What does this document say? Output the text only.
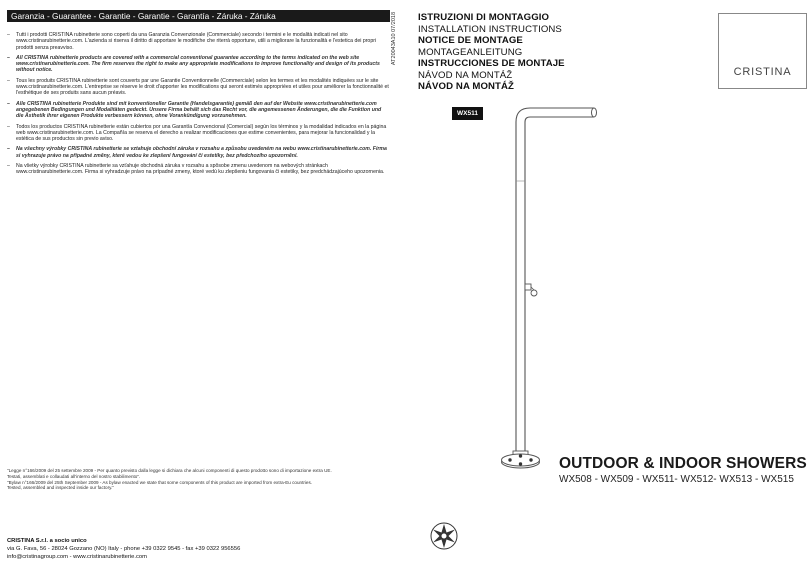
Garanzia - Guarantee - Garantie - Garantie - Garantía - Záruka - Záruka

– Tutti i prodotti CRISTINA rubinetterie sono coperti da una Garanzia Convenzionale (Commerciale) secondo i termini e le modalità indicati nel sito www.cristinarubinetterie.com. L'azienda si riserva il diritto di apportare le modifiche che riterrà opportune, utili a migliorare la funzionalità e l'estetica dei propri prodotti senza preavviso.

– All CRISTINA rubinetterie products are covered with a commercial conventional guarantee according to the terms indicated on the web site www.cristinarubinetterie.com. The firm reserves the right to make any appropriate modifications to improve functionality and design of its products without notice.

– Tous les produits CRISTINA rubinetterie sont couverts par une Garantie Conventionnelle (Commerciale) selon les termes et les modalités indiquées sur le site www.cristinarubinetterie.com. L'entreprise se réserve le droit d'apporter les modifications qui seront estimés appropriées et utiles pour améliorer la fonctionnalité et l'esthétique de ses produits sans aucun préavis.

– Alle CRISTINA rubinetterie Produkte sind mit konventioneller Garantie (Handelsgarantie) gemäß den auf der Website www.cristinarubinetterie.com angegebenen Bedingungen und Modalitäten gedeckt. Unsere Firma behält sich das Recht vor, die angemessenen Änderungen, die die Funktion und die Ästhetik ihrer eigenen Produkte verbessern können, ohne Vorankündigung vorzunehmen.

– Todos los productos CRISTINA rubinetterie están cubiertos por una Garantía Convencional (Comercial) según los términos y la modalidad indicados en la página web www.cristinarubinetterie.com. La Compañía se reserva el derecho a realizar modificaciones que estime convenientes, para mejorar la funcionalidad y la estética de sus productos sin previo aviso.

– Na všechny výrobky CRISTINA rubinetterie se vztahuje obchodní záruka v rozsahu a způsobu uvedeném na webu www.cristinarubinetterie.com. Firma si vyhrazuje právo na případné změny, které vedou ke zlepšení fungování či estetiky, bez předchozího upozornění.

– Na všetky výrobky CRISTINA rubinetterie sa vzťahuje obchodná záruka v rozsahu a spôsobe zmenu uvedenom na webových stránkach www.cristinarubinetterie.com. Firma si vyhradzuje právo na prípadné zmeny, ktoré vedú ku zlepšeniu fungovania či estetiky, bez predchádzajúceho upozornenia.

"Legge n°166/2009 del 25 settembre 2009 - Per quanto previsto dalla legge si dichiara che alcuni componenti di questo prodotto sono di importazione extra UE.
Testati, assemblati e collaudati all'interno del nostro stabilimento".
"Bylaw n°166/2009 del 25th September 2009 - As bylaw enacted we state that some components of this product are imported from extra-Eu countries.
Tested, assembled and inspected inside our factory."
CRISTINA S.r.l. a socio unico
via G. Fava, 56 - 28024 Gozzano (NO) Italy - phone +39 0322 9545 - fax +39 0322 956556
info@cristinagroup.com - www.cristinarubinetterie.com
AT20043A10 07/2018 ISTRUZIONI DI MONTAGGIO
INSTALLATION INSTRUCTIONS
NOTICE DE MONTAGE
MONTAGEANLEITUNG
INSTRUCCIONES DE MONTAJE
NÁVOD NA MONTÁŽ
NÁVOD NA MONTÁŽ
CRISTINA
WX511
OUTDOOR & INDOOR SHOWERS
WX508 - WX509 - WX511- WX512- WX513 - WX515
